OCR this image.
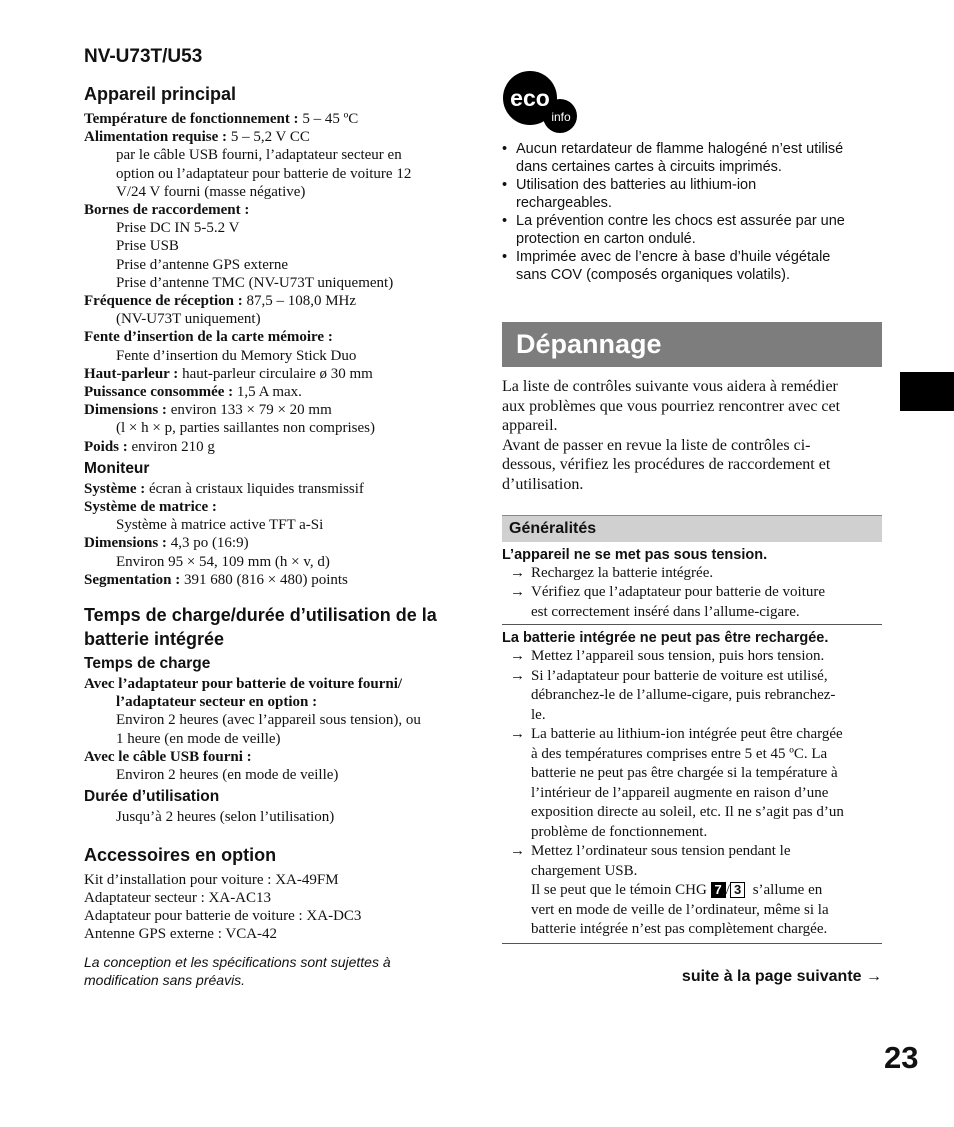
NV-U73T/U53
Appareil principal
Température de fonctionnement : 5 – 45 ºC
Alimentation requise : 5 – 5,2 V CC
par le câble USB fourni, l’adaptateur secteur en
option ou l’adaptateur pour batterie de voiture 12
V/24 V fourni (masse négative)
Bornes de raccordement :
Prise DC IN 5-5.2 V
Prise USB
Prise d’antenne GPS externe
Prise d’antenne TMC (NV-U73T uniquement)
Fréquence de réception : 87,5 – 108,0 MHz
(NV-U73T uniquement)
Fente d’insertion de la carte mémoire :
Fente d’insertion du Memory Stick Duo
Haut-parleur : haut-parleur circulaire ø 30 mm
Puissance consommée : 1,5 A max.
Dimensions : environ 133 × 79 × 20 mm
(l × h × p, parties saillantes non comprises)
Poids : environ 210 g
Moniteur
Système : écran à cristaux liquides transmissif
Système de matrice :
Système à matrice active TFT a-Si
Dimensions : 4,3 po (16:9)
Environ 95 × 54, 109 mm (h × v, d)
Segmentation : 391 680 (816 × 480) points
Temps de charge/durée d’utilisation de la batterie intégrée
Temps de charge
Avec l’adaptateur pour batterie de voiture fourni/
l’adaptateur secteur en option :
Environ 2 heures (avec l’appareil sous tension), ou
1 heure (en mode de veille)
Avec le câble USB fourni :
Environ 2 heures (en mode de veille)
Durée d’utilisation
Jusqu’à 2 heures (selon l’utilisation)
Accessoires en option
Kit d’installation pour voiture : XA-49FM
Adaptateur secteur : XA-AC13
Adaptateur pour batterie de voiture : XA-DC3
Antenne GPS externe : VCA-42
La conception et les spécifications sont sujettes à
modification sans préavis.
eco
info
• Aucun retardateur de flamme halogéné n’est utilisé
dans certaines cartes à circuits imprimés.
• Utilisation des batteries au lithium-ion
rechargeables.
• La prévention contre les chocs est assurée par une
protection en carton ondulé.
• Imprimée avec de l’encre à base d’huile végétale
sans COV (composés organiques volatils).
Dépannage
La liste de contrôles suivante vous aidera à remédier
aux problèmes que vous pourriez rencontrer avec cet
appareil.
Avant de passer en revue la liste de contrôles ci-
dessous, vérifiez les procédures de raccordement et
d’utilisation.
Généralités
L’appareil ne se met pas sous tension.
→ Rechargez la batterie intégrée.
→ Vérifiez que l’adaptateur pour batterie de voiture
est correctement inséré dans l’allume-cigare.
La batterie intégrée ne peut pas être rechargée.
→ Mettez l’appareil sous tension, puis hors tension.
→ Si l’adaptateur pour batterie de voiture est utilisé,
débranchez-le de l’allume-cigare, puis rebranchez-
le.
→ La batterie au lithium-ion intégrée peut être chargée
à des températures comprises entre 5 et 45 ºC. La
batterie ne peut pas être chargée si la température à
l’intérieur de l’appareil augmente en raison d’une
exposition directe au soleil, etc. Il ne s’agit pas d’un
problème de fonctionnement.
→ Mettez l’ordinateur sous tension pendant le
chargement USB.
Il se peut que le témoin CHG 7 / 3  s’allume en
vert en mode de veille de l’ordinateur, même si la
batterie intégrée n’est pas complètement chargée.
suite à la page suivante →
23
